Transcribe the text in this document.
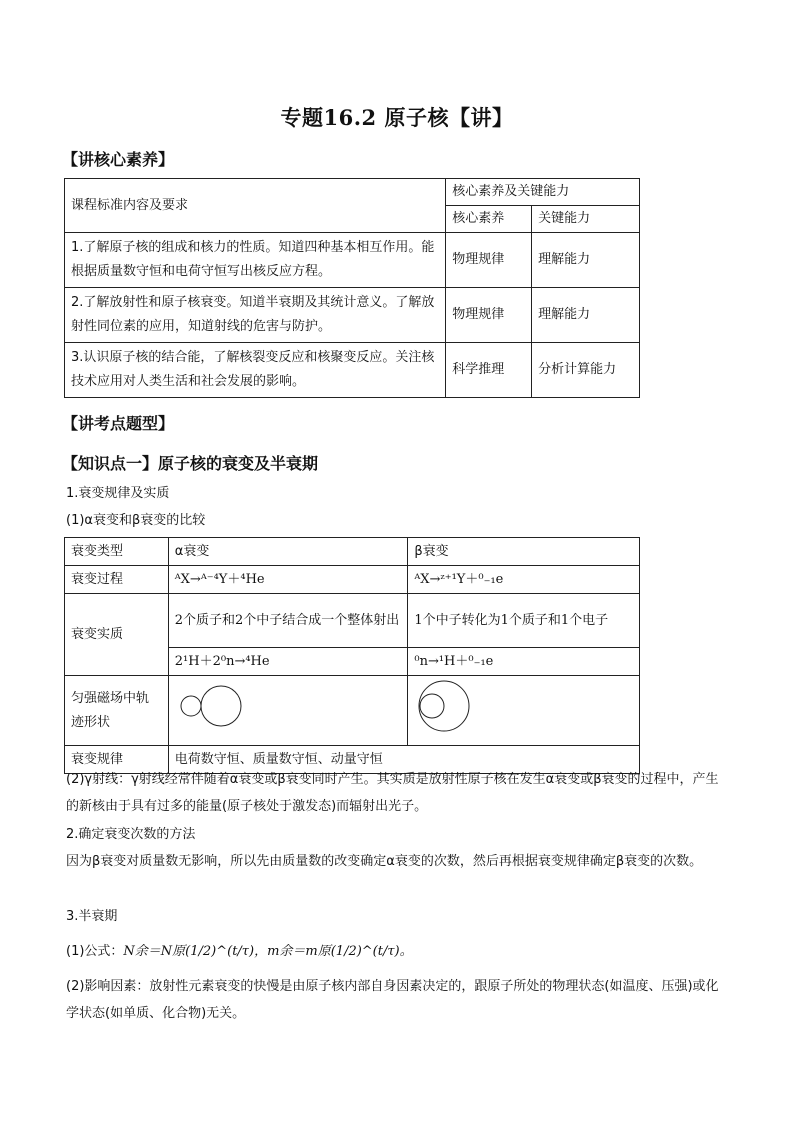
专题16.2 原子核【讲】
【讲核心素养】
课程标准内容及要求	核心素养及关键能力	
	核心素养	关键能力
1.了解原子核的组成和核力的性质。知道四种基本相互作用。能根据质量数守恒和电荷守恒写出核反应方程。	物理规律	理解能力
2.了解放射性和原子核衰变。知道半衰期及其统计意义。了解放射性同位素的应用，知道射线的危害与防护。	物理规律	理解能力
3.认识原子核的结合能，了解核裂变反应和核聚变反应。关注核技术应用对人类生活和社会发展的影响。	科学推理	分析计算能力
【讲考点题型】
【知识点一】原子核的衰变及半衰期
1.衰变规律及实质
(1)α衰变和β衰变的比较
衰变类型	α衰变	β衰变
衰变过程	ᴬX→ᴬ⁻⁴Y＋⁴He	ᴬX→ᶻ⁺¹Y＋⁰₋₁e
衰变实质	2个质子和2个中子结合成一个整体射出	1个中子转化为1个质子和1个电子
	2¹H＋2⁰n→⁴He	⁰n→¹H＋⁰₋₁e
匀强磁场中轨迹形状		
衰变规律	电荷数守恒、质量数守恒、动量守恒	
(2)γ射线：γ射线经常伴随着α衰变或β衰变同时产生。其实质是放射性原子核在发生α衰变或β衰变的过程中，产生的新核由于具有过多的能量(原子核处于激发态)而辐射出光子。
2.确定衰变次数的方法
因为β衰变对质量数无影响，所以先由质量数的改变确定α衰变的次数，然后再根据衰变规律确定β衰变的次数。
3.半衰期
(1)公式：N余＝N原(1/2)^(t/τ)，m余＝m原(1/2)^(t/τ)。
(2)影响因素：放射性元素衰变的快慢是由原子核内部自身因素决定的，跟原子所处的物理状态(如温度、压强)或化学状态(如单质、化合物)无关。
